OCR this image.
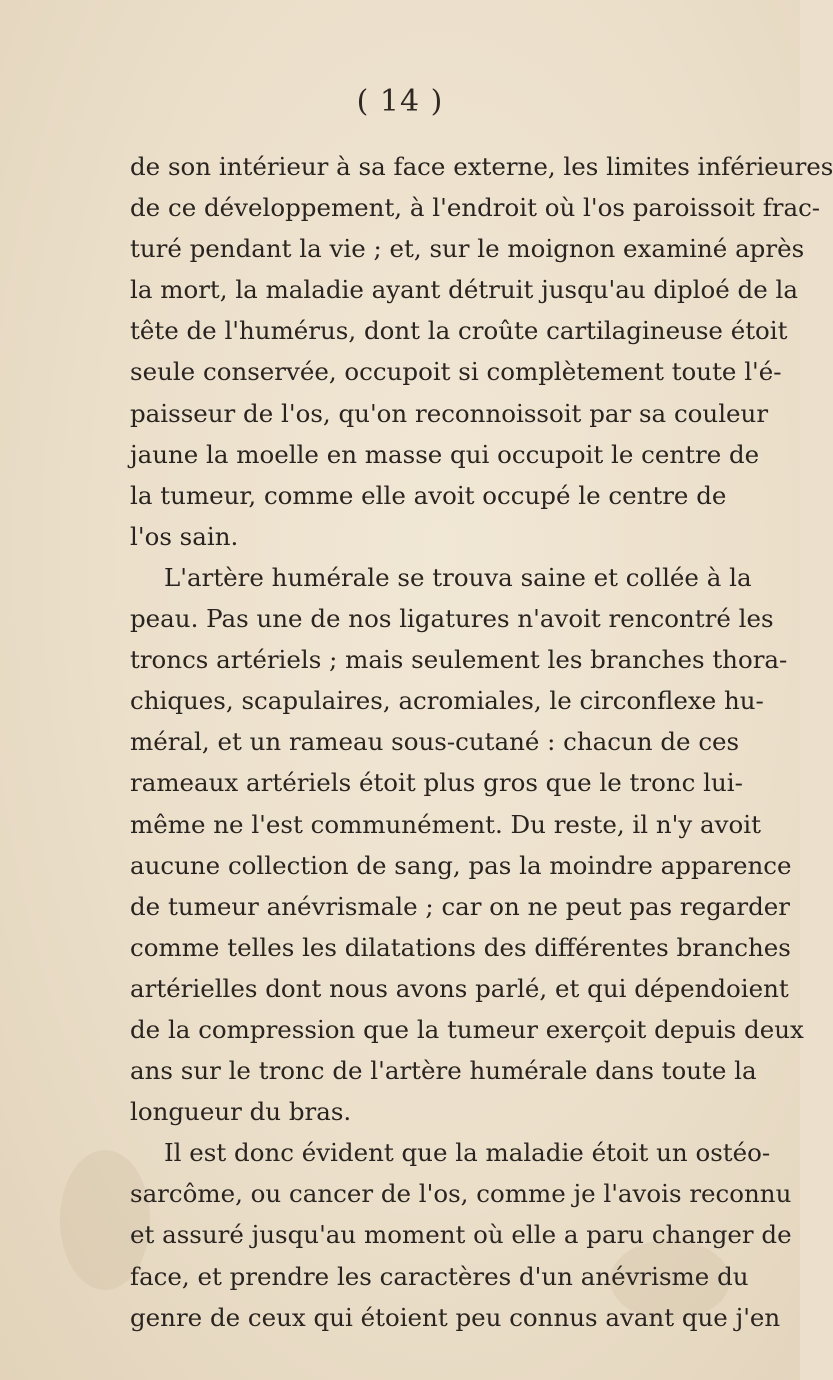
( 14 )
de son intérieur à sa face externe, les limites inférieures
de ce développement, à l'endroit où l'os paroissoit frac-
turé pendant la vie ; et, sur le moignon examiné après
la mort, la maladie ayant détruit jusqu'au diploé de la
tête de l'humérus, dont la croûte cartilagineuse étoit
seule conservée, occupoit si complètement toute l'é-
paisseur de l'os, qu'on reconnoissoit par sa couleur
jaune la moelle en masse qui occupoit le centre de
la tumeur, comme elle avoit occupé le centre de
l'os sain.
L'artère humérale se trouva saine et collée à la
peau. Pas une de nos ligatures n'avoit rencontré les
troncs artériels ; mais seulement les branches thora-
chiques, scapulaires, acromiales, le circonflexe hu-
méral, et un rameau sous-cutané : chacun de ces
rameaux artériels étoit plus gros que le tronc lui-
même ne l'est communément. Du reste, il n'y avoit
aucune collection de sang, pas la moindre apparence
de tumeur anévrismale ; car on ne peut pas regarder
comme telles les dilatations des différentes branches
artérielles dont nous avons parlé, et qui dépendoient
de la compression que la tumeur exerçoit depuis deux
ans sur le tronc de l'artère humérale dans toute la
longueur du bras.
Il est donc évident que la maladie étoit un ostéo-
sarcôme, ou cancer de l'os, comme je l'avois reconnu
et assuré jusqu'au moment où elle a paru changer de
face, et prendre les caractères d'un anévrisme du
genre de ceux qui étoient peu connus avant que j'en
